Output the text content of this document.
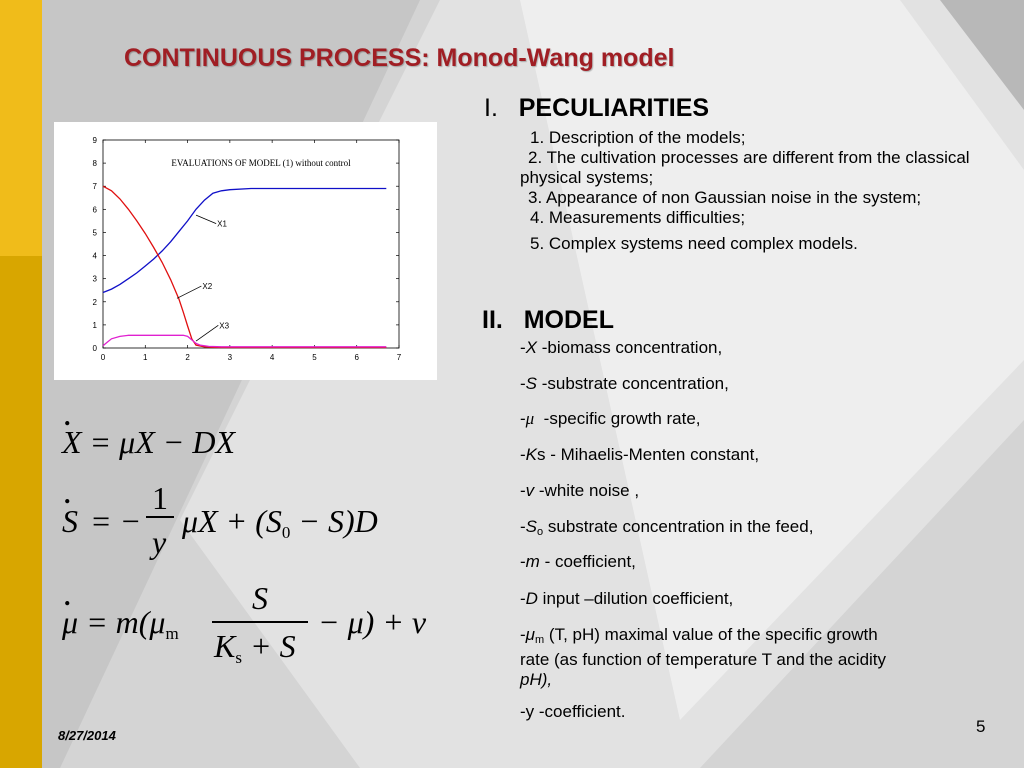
CONTINUOUS PROCESS: Monod-Wang model
0	1	2	3	4	5	6	7
0
1
2
3
4
5
6
7
8
9
EVALUATIONS OF MODEL (1) without control
X1
X2
X3
.
X = μX − DX
.
S = −
1
y
$\mu X + (S_0 - S)D$
.
$\mu = m(\mu_m$
S
$K_s + S$
− μ) + v
I. PECULIARITIES
1. Description of the models;
2. The cultivation processes are different from the classical physical systems;
3. Appearance of non Gaussian noise in the system;
4. Measurements difficulties;
5. Complex systems need complex models.
II. MODEL
-X -biomass concentration,
-S -substrate concentration,
-μ  -specific growth rate,
-Ks - Mihaelis-Menten constant,
-v -white noise ,
-So substrate concentration in the feed,
-m - coefficient,
-D input –dilution coefficient,
-μm (T, pH) maximal value of the specific growth
rate (as function of temperature T and the acidity
pH),
-y -coefficient.
8/27/2014	5
